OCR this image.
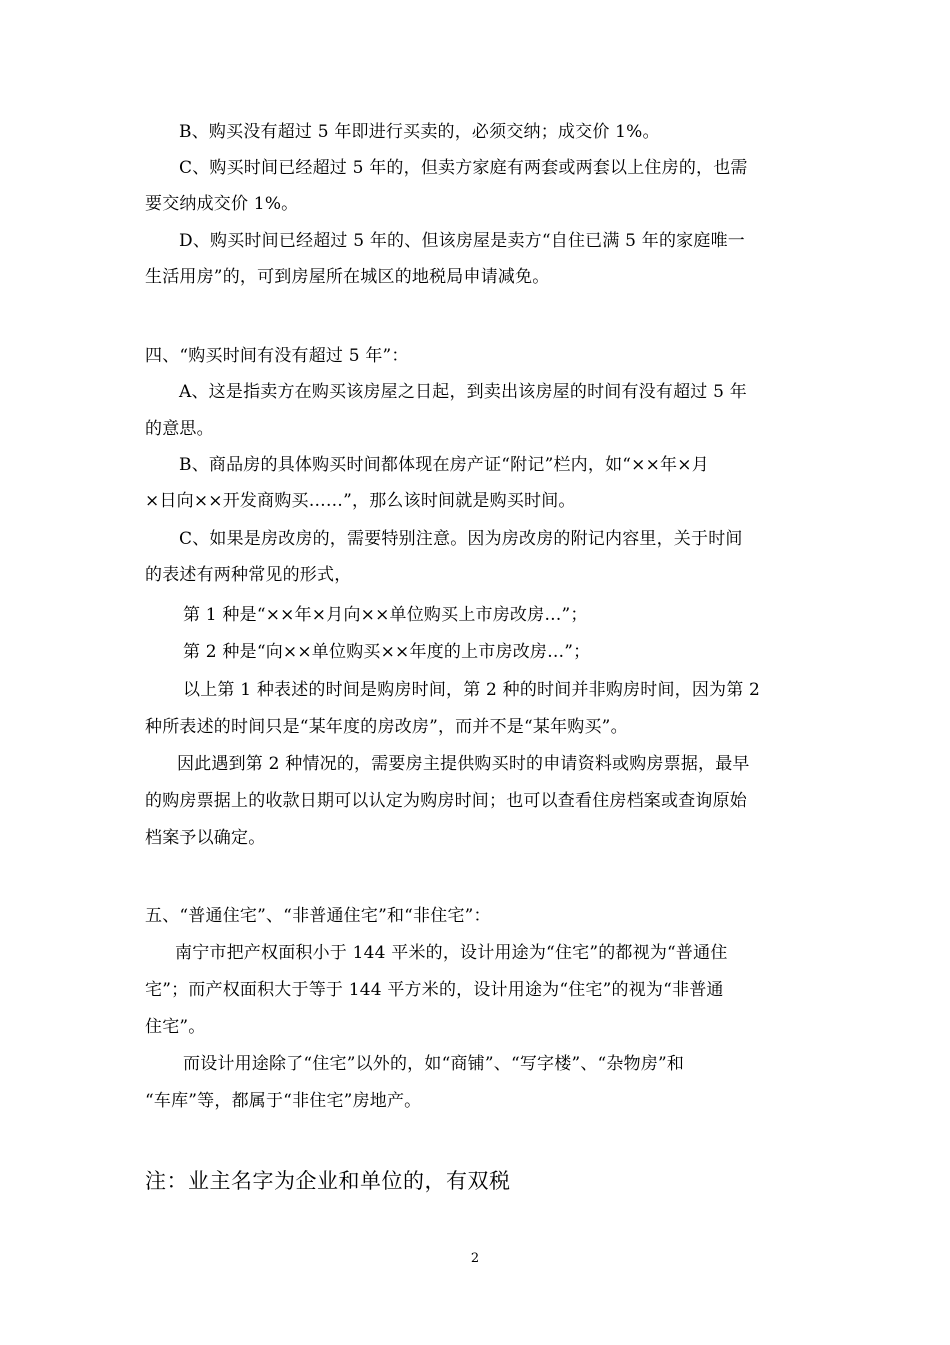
B、购买没有超过 5 年即进行买卖的，必须交纳；成交价 1%。
C、购买时间已经超过 5 年的，但卖方家庭有两套或两套以上住房的，也需
要交纳成交价 1%。
D、购买时间已经超过 5 年的、但该房屋是卖方“自住已满 5 年的家庭唯一
生活用房”的，可到房屋所在城区的地税局申请减免。
四、“购买时间有没有超过 5 年”：
A、这是指卖方在购买该房屋之日起，到卖出该房屋的时间有没有超过 5 年
的意思。
B、商品房的具体购买时间都体现在房产证“附记”栏内，如“××年×月
×日向××开发商购买……”，那么该时间就是购买时间。
C、如果是房改房的，需要特别注意。因为房改房的附记内容里，关于时间
的表述有两种常见的形式，
第 1 种是“××年×月向××单位购买上市房改房…”；
第 2 种是“向××单位购买××年度的上市房改房…”；
以上第 1 种表述的时间是购房时间，第 2 种的时间并非购房时间，因为第 2
种所表述的时间只是“某年度的房改房”，而并不是“某年购买”。
因此遇到第 2 种情况的，需要房主提供购买时的申请资料或购房票据，最早
的购房票据上的收款日期可以认定为购房时间；也可以查看住房档案或查询原始
档案予以确定。
五、“普通住宅”、“非普通住宅”和“非住宅”：
南宁市把产权面积小于 144 平米的，设计用途为“住宅”的都视为“普通住
宅”；而产权面积大于等于 144 平方米的，设计用途为“住宅”的视为“非普通
住宅”。
而设计用途除了“住宅”以外的，如“商铺”、“写字楼”、“杂物房”和
“车库”等，都属于“非住宅”房地产。
注：业主名字为企业和单位的，有双税
2
